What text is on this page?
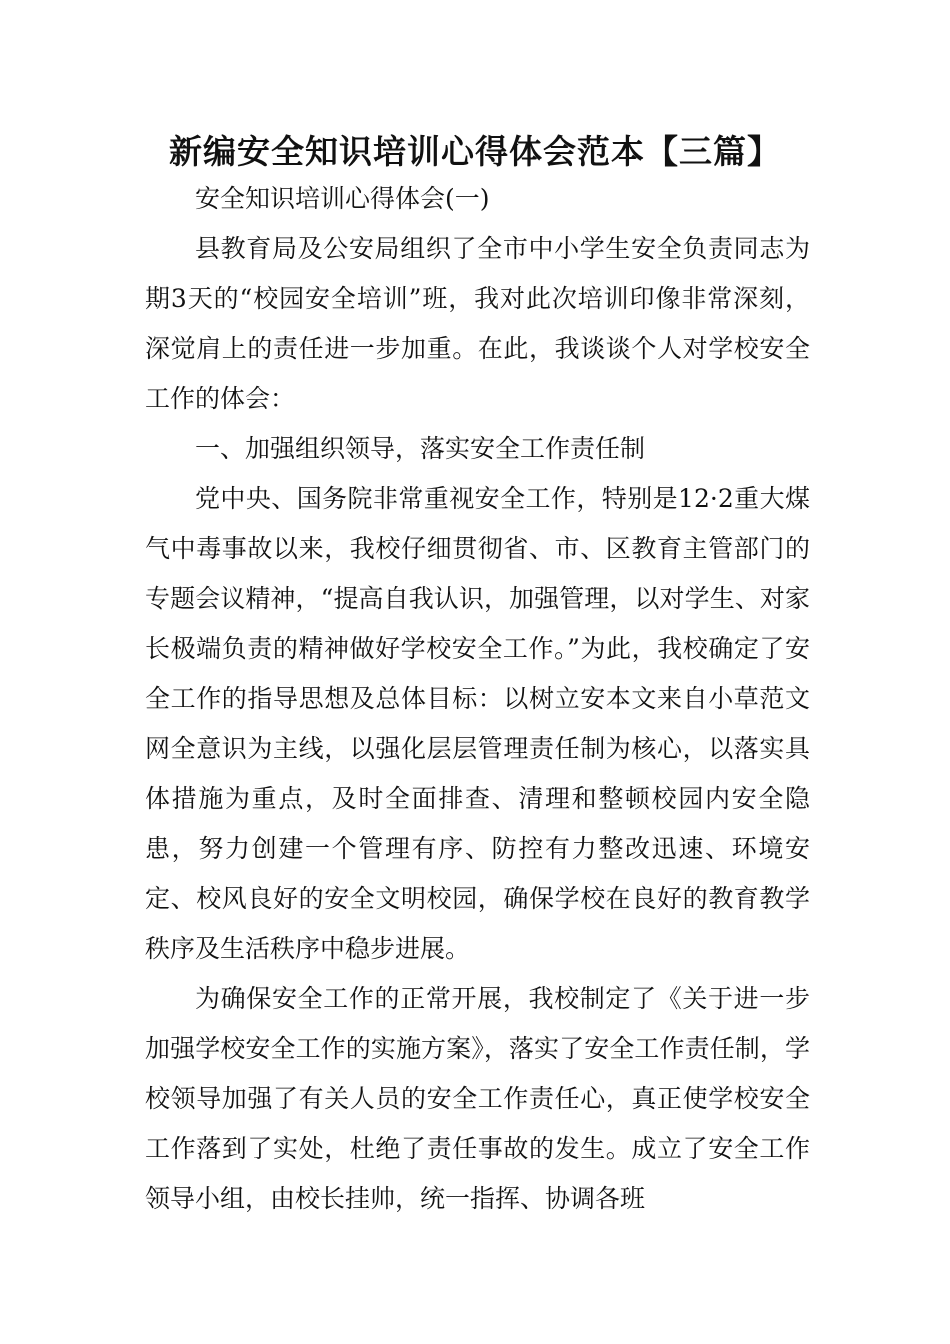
新编安全知识培训心得体会范本【三篇】

安全知识培训心得体会(一)

县教育局及公安局组织了全市中小学生安全负责同志为期3天的“校园安全培训”班，我对此次培训印像非常深刻，深觉肩上的责任进一步加重。在此，我谈谈个人对学校安全工作的体会：

一、加强组织领导，落实安全工作责任制

党中央、国务院非常重视安全工作，特别是12·2重大煤气中毒事故以来，我校仔细贯彻省、市、区教育主管部门的专题会议精神，“提高自我认识，加强管理，以对学生、对家长极端负责的精神做好学校安全工作。”为此，我校确定了安全工作的指导思想及总体目标：以树立安本文来自小草范文网全意识为主线，以强化层层管理责任制为核心，以落实具体措施为重点，及时全面排查、清理和整顿校园内安全隐患，努力创建一个管理有序、防控有力整改迅速、环境安定、校风良好的安全文明校园，确保学校在良好的教育教学秩序及生活秩序中稳步进展。

为确保安全工作的正常开展，我校制定了《关于进一步加强学校安全工作的实施方案》，落实了安全工作责任制，学校领导加强了有关人员的安全工作责任心，真正使学校安全工作落到了实处，杜绝了责任事故的发生。成立了安全工作领导小组，由校长挂帅，统一指挥、协调各班
